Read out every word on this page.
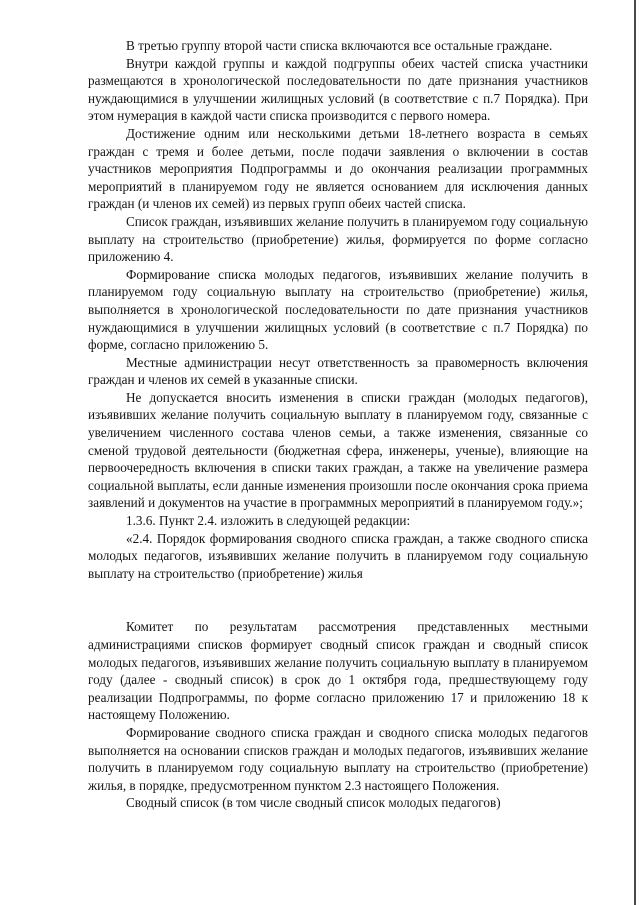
В третью группу второй части списка включаются все остальные граждане.

Внутри каждой группы и каждой подгруппы обеих частей списка участники размещаются в хронологической последовательности по дате признания участников нуждающимися в улучшении жилищных условий (в соответствие с п.7 Порядка). При этом нумерация в каждой части списка производится с первого номера.

Достижение одним или несколькими детьми 18-летнего возраста в семьях граждан с тремя и более детьми, после подачи заявления о включении в состав участников мероприятия Подпрограммы и до окончания реализации программных мероприятий в планируемом году не является основанием для исключения данных граждан (и членов их семей) из первых групп обеих частей списка.

Список граждан, изъявивших желание получить в планируемом году социальную выплату на строительство (приобретение) жилья, формируется по форме согласно приложению 4.

Формирование списка молодых педагогов, изъявивших желание получить в планируемом году социальную выплату на строительство (приобретение) жилья, выполняется в хронологической последовательности по дате признания участников нуждающимися в улучшении жилищных условий (в соответствие с п.7 Порядка) по форме, согласно приложению 5.

Местные администрации несут ответственность за правомерность включения граждан и членов их семей в указанные списки.

Не допускается вносить изменения в списки граждан (молодых педагогов), изъявивших желание получить социальную выплату в планируемом году, связанные с увеличением численного состава членов семьи, а также изменения, связанные со сменой трудовой деятельности (бюджетная сфера, инженеры, ученые), влияющие на первоочередность включения в списки таких граждан, а также на увеличение размера социальной выплаты, если данные изменения произошли после окончания срока приема заявлений и документов на участие в программных мероприятий в планируемом году.»;

1.3.6. Пункт 2.4. изложить в следующей редакции:

«2.4. Порядок формирования сводного списка граждан, а также сводного списка молодых педагогов, изъявивших желание получить в планируемом году социальную выплату на строительство (приобретение) жилья

Комитет по результатам рассмотрения представленных местными администрациями списков формирует сводный список граждан и сводный список молодых педагогов, изъявивших желание получить социальную выплату в планируемом году (далее - сводный список) в срок до 1 октября года, предшествующему году реализации Подпрограммы, по форме согласно приложению 17 и приложению 18 к настоящему Положению.

Формирование сводного списка граждан и сводного списка молодых педагогов выполняется на основании списков граждан и молодых педагогов, изъявивших желание получить в планируемом году социальную выплату на строительство (приобретение) жилья, в порядке, предусмотренном пунктом 2.3 настоящего Положения.

Сводный список (в том числе сводный список молодых педагогов)
